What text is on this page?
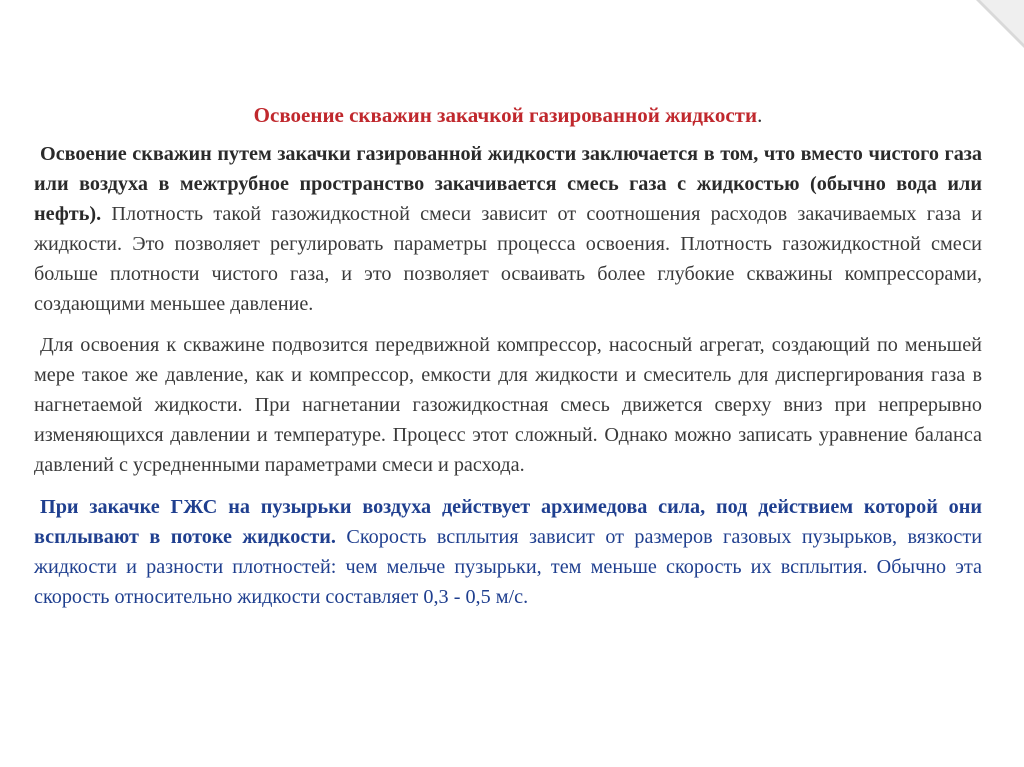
Освоение скважин закачкой газированной жидкости.

Освоение скважин путем закачки газированной жидкости заключается в том, что вместо чистого газа или воздуха в межтрубное пространство закачивается смесь газа с жидкостью (обычно вода или нефть). Плотность такой газожидкостной смеси зависит от соотношения расходов закачиваемых газа и жидкости. Это позволяет регулировать параметры процесса освоения. Плотность газожидкостной смеси больше плотности чистого газа, и это позволяет осваивать более глубокие скважины компрессорами, создающими меньшее давление.

Для освоения к скважине подвозится передвижной компрессор, насосный агрегат, создающий по меньшей мере такое же давление, как и компрессор, емкости для жидкости и смеситель для диспергирования газа в нагнетаемой жидкости. При нагнетании газожидкостная смесь движется сверху вниз при непрерывно изменяющихся давлении и температуре. Процесс этот сложный. Однако можно записать уравнение баланса давлений с усредненными параметрами смеси и расхода.

При закачке ГЖС на пузырьки воздуха действует архимедова сила, под действием которой они всплывают в потоке жидкости. Скорость всплытия зависит от размеров газовых пузырьков, вязкости жидкости и разности плотностей: чем мельче пузырьки, тем меньше скорость их всплытия. Обычно эта скорость относительно жидкости составляет 0,3 - 0,5 м/с.
